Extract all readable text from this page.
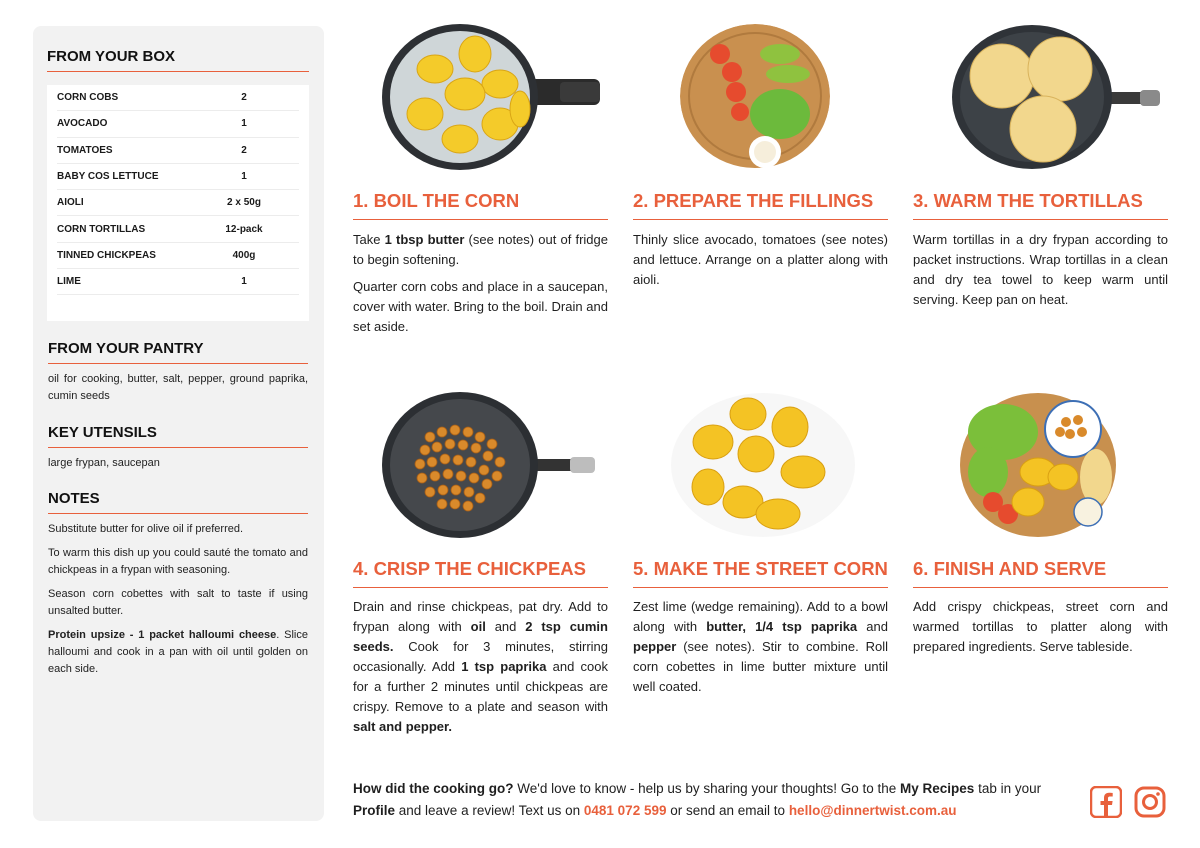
FROM YOUR BOX
CORN COBS	2
AVOCADO	1
TOMATOES	2
BABY COS LETTUCE	1
AIOLI	2 x 50g
CORN TORTILLAS	12-pack
TINNED CHICKPEAS	400g
LIME	1
FROM YOUR PANTRY
oil for cooking, butter, salt, pepper, ground paprika, cumin seeds
KEY UTENSILS
large frypan, saucepan
NOTES
Substitute butter for olive oil if preferred.
To warm this dish up you could sauté the tomato and chickpeas in a frypan with seasoning.
Season corn cobettes with salt to taste if using unsalted butter.
Protein upsize - 1 packet halloumi cheese. Slice halloumi and cook in a pan with oil until golden on each side.
1. BOIL THE CORN

Take 1 tbsp butter (see notes) out of fridge to begin softening.

Quarter corn cobs and place in a saucepan, cover with water. Bring to the boil. Drain and set aside.

2. PREPARE THE FILLINGS

Thinly slice avocado, tomatoes (see notes) and lettuce. Arrange on a platter along with aioli.

3. WARM THE TORTILLAS

Warm tortillas in a dry frypan according to packet instructions. Wrap tortillas in a clean and dry tea towel to keep warm until serving. Keep pan on heat.

4. CRISP THE CHICKPEAS

Drain and rinse chickpeas, pat dry. Add to frypan along with oil and 2 tsp cumin seeds. Cook for 3 minutes, stirring occasionally. Add 1 tsp paprika and cook for a further 2 minutes until chickpeas are crispy. Remove to a plate and season with salt and pepper.

5. MAKE THE STREET CORN

Zest lime (wedge remaining). Add to a bowl along with butter, 1/4 tsp paprika and pepper (see notes). Stir to combine. Roll corn cobettes in lime butter mixture until well coated.

6. FINISH AND SERVE

Add crispy chickpeas, street corn and warmed tortillas to platter along with prepared ingredients. Serve tableside.

How did the cooking go? We'd love to know - help us by sharing your thoughts! Go to the My Recipes tab in your Profile and leave a review! Text us on 0481 072 599 or send an email to hello@dinnertwist.com.au
